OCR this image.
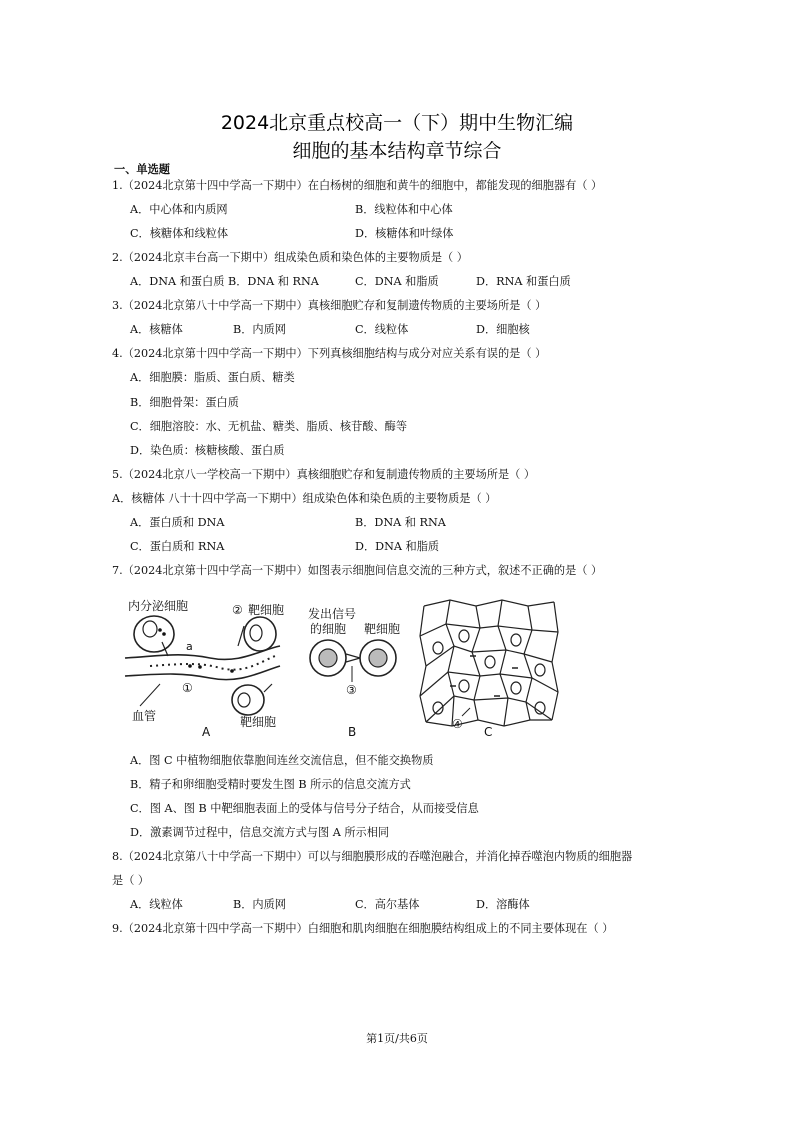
2024北京重点校高一（下）期中生物汇编
细胞的基本结构章节综合
一、单选题
1.（2024北京第十四中学高一下期中）在白杨树的细胞和黄牛的细胞中，都能发现的细胞器有（ ）
A．中心体和内质网	B．线粒体和中心体
C．核糖体和线粒体	D．核糖体和叶绿体
2.（2024北京丰台高一下期中）组成染色质和染色体的主要物质是（ ）
A．DNA 和蛋白质 B．DNA 和 RNA	C．DNA 和脂质	D．RNA 和蛋白质
3.（2024北京第八十中学高一下期中）真核细胞贮存和复制遗传物质的主要场所是（ ）
A．核糖体	B．内质网	C．线粒体	D．细胞核
4.（2024北京第十四中学高一下期中）下列真核细胞结构与成分对应关系有误的是（ ）
A．细胞膜：脂质、蛋白质、糖类
B．细胞骨架：蛋白质
C．细胞溶胶：水、无机盐、糖类、脂质、核苷酸、酶等
D．染色质：核糖核酸、蛋白质
5.（2024北京八一学校高一下期中）真核细胞贮存和复制遗传物质的主要场所是（ ）
A．核糖体 八十十四中学高一下期中）组成染色体和染色质的主要物质是（ ）
A．蛋白质和 DNA	B．DNA 和 RNA
C．蛋白质和 RNA	D．DNA 和脂质
7.（2024北京第十四中学高一下期中）如图表示细胞间信息交流的三种方式，叙述不正确的是（ ）
内分泌细胞
a
①
血管
② 靶细胞
靶细胞
A
发出信号
的细胞 靶细胞
③
B
④
C
A．图 C 中植物细胞依靠胞间连丝交流信息，但不能交换物质
B．精子和卵细胞受精时要发生图 B 所示的信息交流方式
C．图 A、图 B 中靶细胞表面上的受体与信号分子结合，从而接受信息
D．激素调节过程中，信息交流方式与图 A 所示相同
8.（2024北京第八十中学高一下期中）可以与细胞膜形成的吞噬泡融合，并消化掉吞噬泡内物质的细胞器
是（ ）
A．线粒体	B．内质网	C．高尔基体	D．溶酶体
9.（2024北京第十四中学高一下期中）白细胞和肌肉细胞在细胞膜结构组成上的不同主要体现在（ ）
第1页/共6页
